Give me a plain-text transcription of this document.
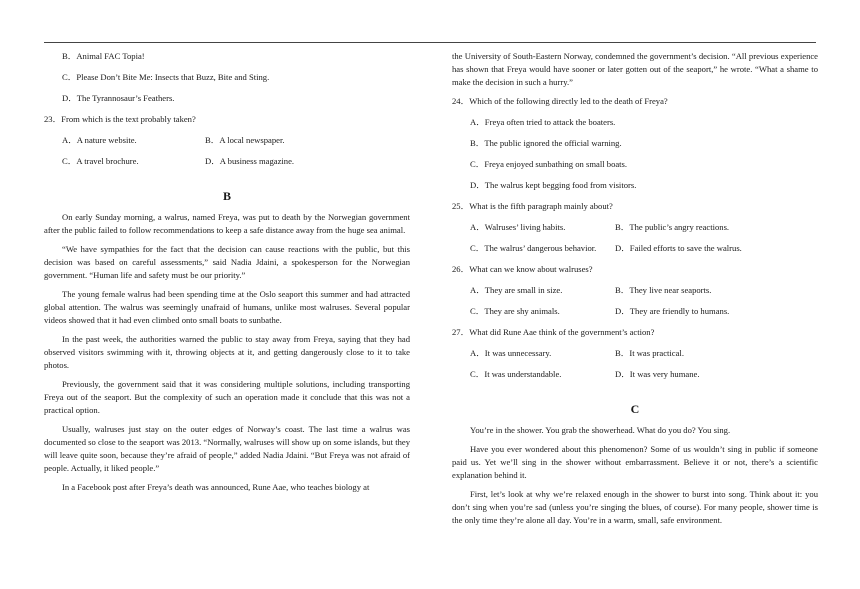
B．Animal FAC Topia!
C．Please Don’t Bite Me: Insects that Buzz, Bite and Sting.
D．The Tyrannosaur’s Feathers.
23．From which is the text probably taken?
A．A nature website.	B．A local newspaper.
C．A travel brochure.	D．A business magazine.
B

On early Sunday morning, a walrus, named Freya, was put to death by the Norwegian government after the public failed to follow recommendations to keep a safe distance away from the huge sea animal.

“We have sympathies for the fact that the decision can cause reactions with the public, but this decision was based on careful assessments,” said Nadia Jdaini, a spokesperson for the Norwegian government. “Human life and safety must be our priority.”

The young female walrus had been spending time at the Oslo seaport this summer and had attracted global attention. The walrus was seemingly unafraid of humans, unlike most walruses. Several popular videos showed that it had even climbed onto small boats to sunbathe.

In the past week, the authorities warned the public to stay away from Freya, saying that they had observed visitors swimming with it, throwing objects at it, and getting dangerously close to it to take photos.

Previously, the government said that it was considering multiple solutions, including transporting Freya out of the seaport. But the complexity of such an operation made it conclude that this was not a practical option.

Usually, walruses just stay on the outer edges of Norway’s coast. The last time a walrus was documented so close to the seaport was 2013. “Normally, walruses will show up on some islands, but they will leave quite soon, because they’re afraid of people,” added Nadia Jdaini. “But Freya was not afraid of people. Actually, it liked people.”

In a Facebook post after Freya’s death was announced, Rune Aae, who teaches biology at

the University of South-Eastern Norway, condemned the government’s decision. “All previous experience has shown that Freya would have sooner or later gotten out of the seaport,” he wrote. “What a shame to make the decision in such a hurry.”

24．Which of the following directly led to the death of Freya?
A．Freya often tried to attack the boaters.
B．The public ignored the official warning.
C．Freya enjoyed sunbathing on small boats.
D．The walrus kept begging food from visitors.
25．What is the fifth paragraph mainly about?
A．Walruses’ living habits.	B．The public’s angry reactions.
C．The walrus’ dangerous behavior.	D．Failed efforts to save the walrus.
26．What can we know about walruses?
A．They are small in size.	B．They live near seaports.
C．They are shy animals.	D．They are friendly to humans.
27．What did Rune Aae think of the government’s action?
A．It was unnecessary.	B．It was practical.
C．It was understandable.	D．It was very humane.
C

You’re in the shower. You grab the showerhead. What do you do? You sing.

Have you ever wondered about this phenomenon? Some of us wouldn’t sing in public if someone paid us. Yet we’ll sing in the shower without embarrassment. Believe it or not, there’s a scientific explanation behind it.

First, let’s look at why we’re relaxed enough in the shower to burst into song. Think about it: you don’t sing when you’re sad (unless you’re singing the blues, of course). For many people, shower time is the only time they’re alone all day. You’re in a warm, small, safe environment.
